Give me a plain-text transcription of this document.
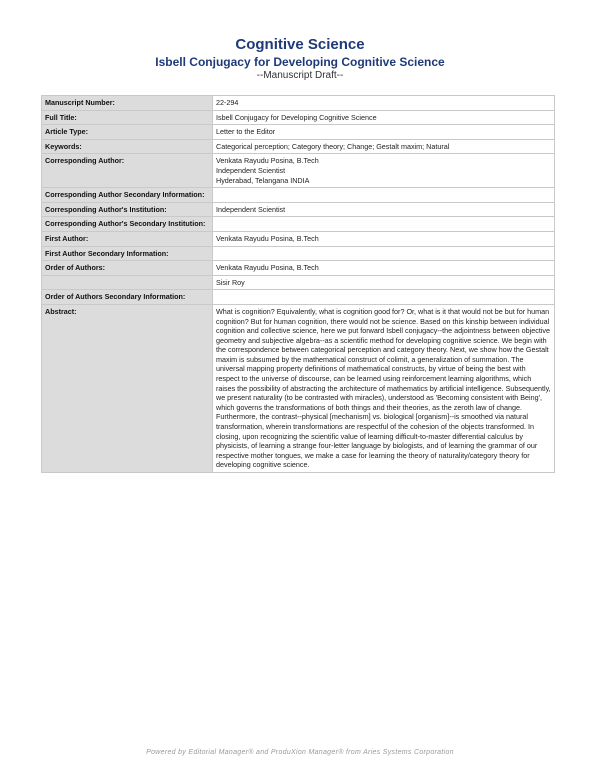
Cognitive Science
Isbell Conjugacy for Developing Cognitive Science
--Manuscript Draft--
Manuscript Number:	22-294
Full Title:	Isbell Conjugacy for Developing Cognitive Science
Article Type:	Letter to the Editor
Keywords:	Categorical perception; Category theory; Change; Gestalt maxim; Natural
Corresponding Author:	Venkata Rayudu Posina, B.Tech
Independent Scientist
Hyderabad, Telangana INDIA

Corresponding Author Secondary Information:	
Corresponding Author's Institution:	Independent Scientist
Corresponding Author's Secondary Institution:	
First Author:	Venkata Rayudu Posina, B.Tech
First Author Secondary Information:	
Order of Authors:	Venkata Rayudu Posina, B.Tech
	Sisir Roy
Order of Authors Secondary Information:	
Abstract:	What is cognition? Equivalently, what is cognition good for? Or, what is it that would not be but for human cognition? But for human cognition, there would not be science. Based on this kinship between individual cognition and collective science, here we put forward Isbell conjugacy--the adjointness between objective geometry and subjective algebra--as a scientific method for developing cognitive science. We begin with the correspondence between categorical perception and category theory. Next, we show how the Gestalt maxim is subsumed by the mathematical construct of colimit, a generalization of summation. The universal mapping property definitions of mathematical constructs, by virtue of being the best with respect to the universe of discourse, can be learned using reinforcement learning algorithms, which raises the possibility of abstracting the architecture of mathematics by artificial intelligence. Subsequently, we present naturality (to be contrasted with miracles), understood as 'Becoming consistent with Being', which governs the transformations of both things and their theories, as the zeroth law of change. Furthermore, the contrast--physical [mechanism] vs. biological [organism]--is smoothed via natural transformation, wherein transformations are respectful of the cohesion of the objects transformed. In closing, upon recognizing the scientific value of learning difficult-to-master differential calculus by physicists, of learning a strange four-letter language by biologists, and of learning the grammar of our respective mother tongues, we make a case for learning the theory of naturality/category theory for developing cognitive science.
Powered by Editorial Manager® and ProduXion Manager® from Aries Systems Corporation
